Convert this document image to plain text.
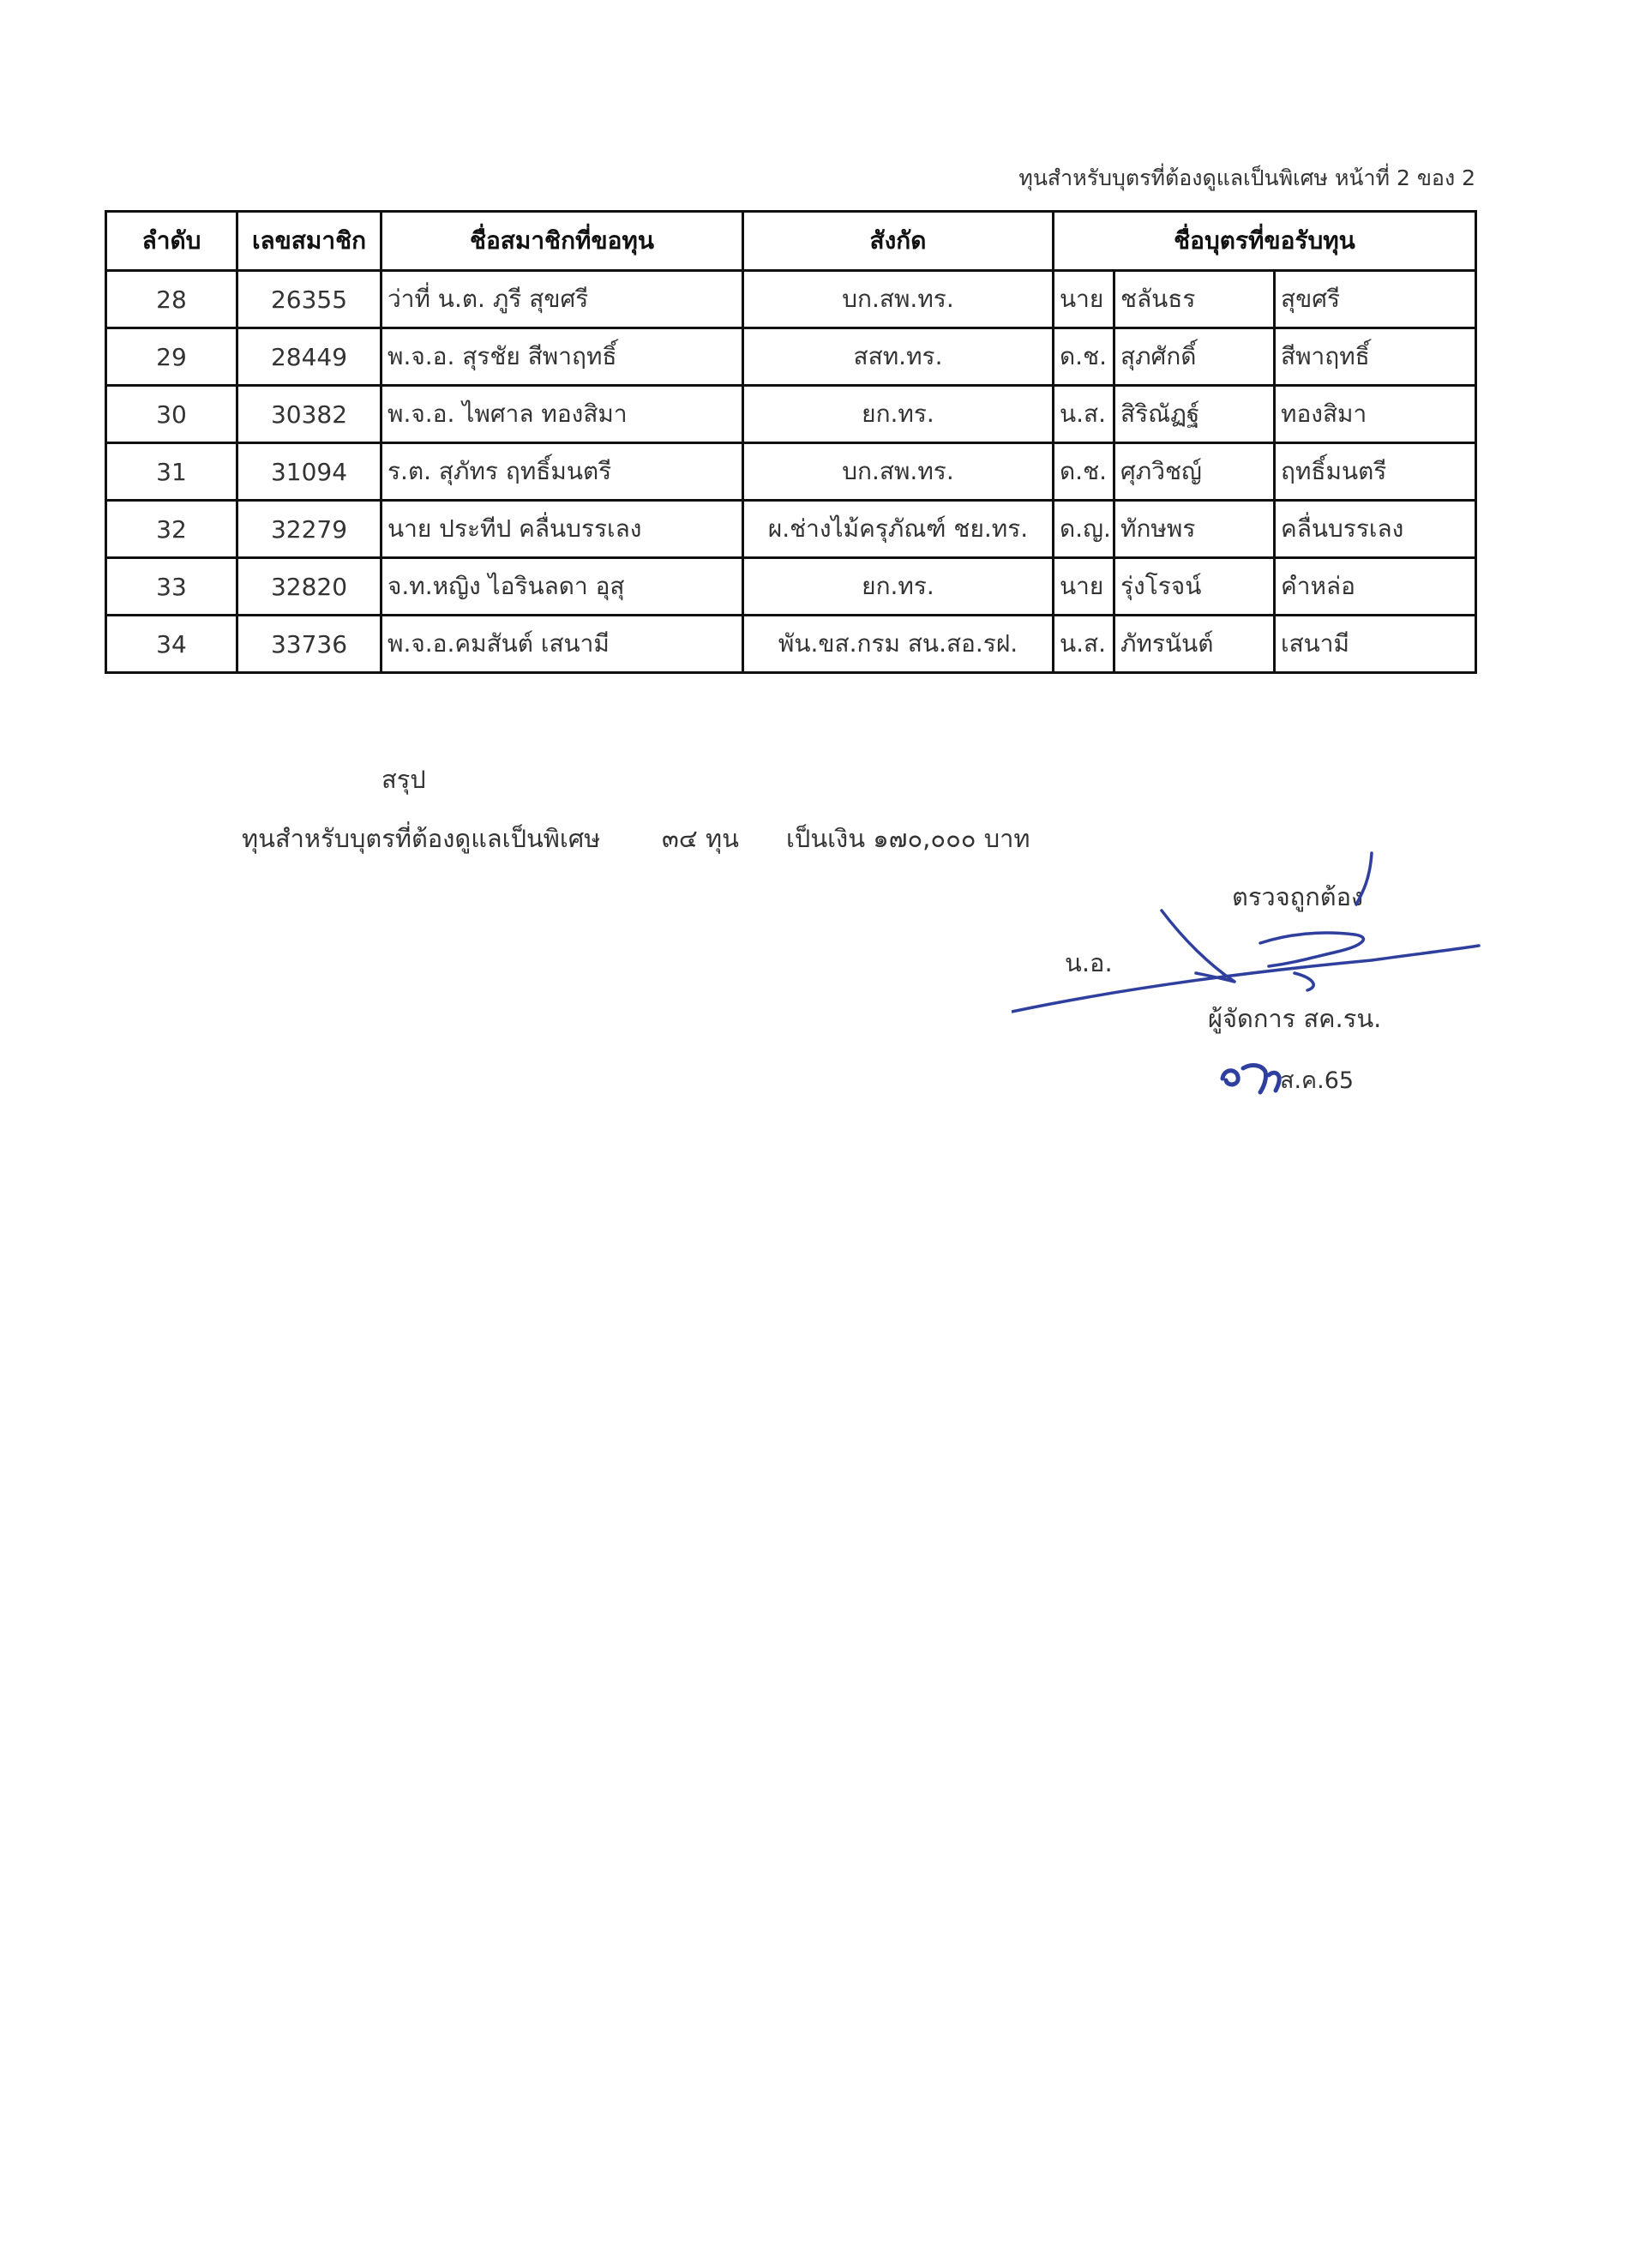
ทุนสำหรับบุตรที่ต้องดูแลเป็นพิเศษ หน้าที่ 2 ของ 2
ลำดับ	เลขสมาชิก	ชื่อสมาชิกที่ขอทุน	สังกัด	ชื่อบุตรที่ขอรับทุน		
28	26355	ว่าที่ น.ต. ภูรี สุขศรี	บก.สพ.ทร.	นาย	ชลันธร	สุขศรี
29	28449	พ.จ.อ. สุรชัย สีพาฤทธิ์	สสท.ทร.	ด.ช.	สุภศักดิ์	สีพาฤทธิ์
30	30382	พ.จ.อ. ไพศาล ทองสิมา	ยก.ทร.	น.ส.	สิริณัฏฐ์	ทองสิมา
31	31094	ร.ต. สุภัทร ฤทธิ์มนตรี	บก.สพ.ทร.	ด.ช.	ศุภวิชญ์	ฤทธิ์มนตรี
32	32279	นาย ประทีป คลื่นบรรเลง	ผ.ช่างไม้ครุภัณฑ์ ชย.ทร.	ด.ญ.	ทักษพร	คลื่นบรรเลง
33	32820	จ.ท.หญิง ไอรินลดา อุสุ	ยก.ทร.	นาย	รุ่งโรจน์	คำหล่อ
34	33736	พ.จ.อ.คมสันต์ เสนามี	พัน.ขส.กรม สน.สอ.รฝ.	น.ส.	ภัทรนันต์	เสนามี
สรุป
ทุนสำหรับบุตรที่ต้องดูแลเป็นพิเศษ ๓๔ ทุน เป็นเงิน ๑๗๐,๐๐๐ บาท
ตรวจถูกต้อง
น.อ.
ผู้จัดการ สค.รน.
ส.ค.65
